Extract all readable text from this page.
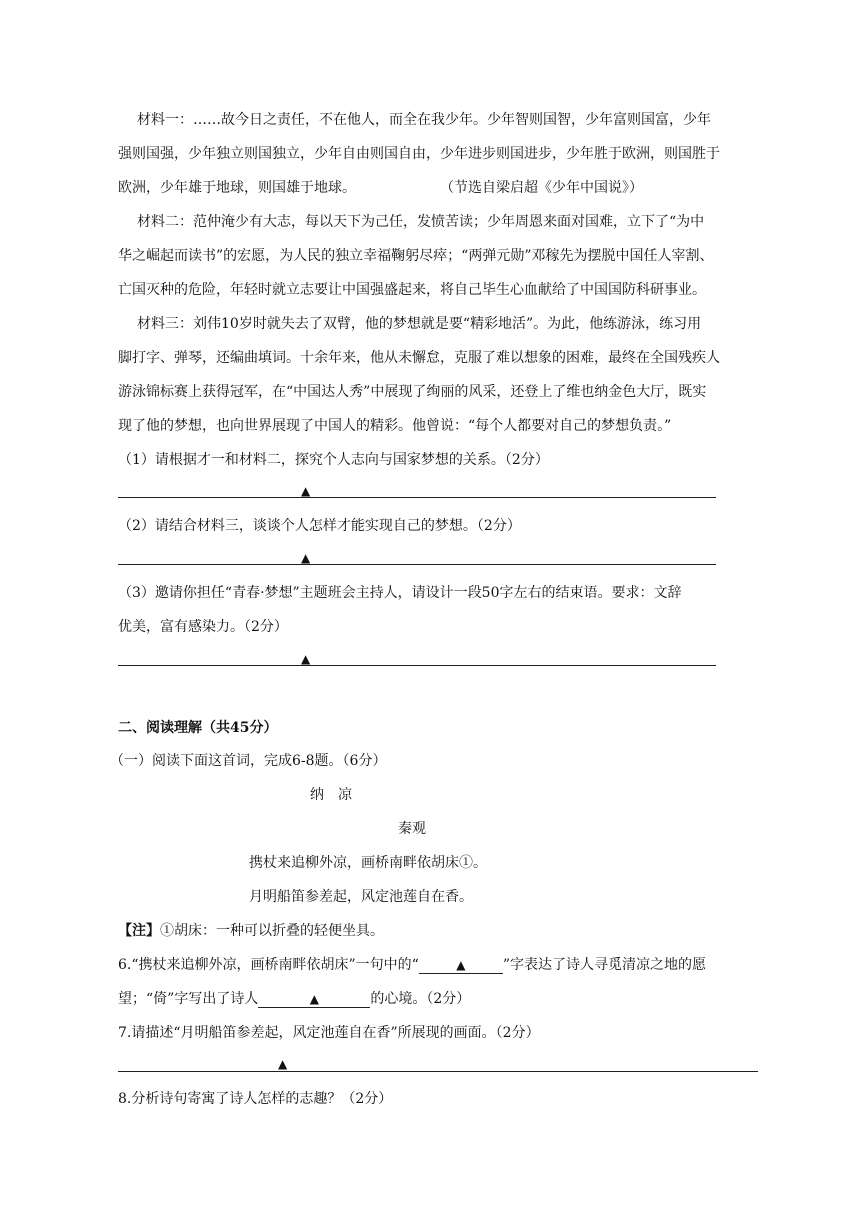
材料一：……故今日之责任，不在他人，而全在我少年。少年智则国智，少年富则国富，少年
强则国强，少年独立则国独立，少年自由则国自由，少年进步则国进步，少年胜于欧洲，则国胜于
欧洲，少年雄于地球，则国雄于地球。	（节选自梁启超《少年中国说》）
材料二：范仲淹少有大志，每以天下为己任，发愤苦读；少年周恩来面对国难，立下了“为中
华之崛起而读书”的宏愿，为人民的独立幸福鞠躬尽瘁；“两弹元勋”邓稼先为摆脱中国任人宰割、
亡国灭种的危险，年轻时就立志要让中国强盛起来，将自己毕生心血献给了中国国防科研事业。
材料三：刘伟10岁时就失去了双臂，他的梦想就是要“精彩地活”。为此，他练游泳，练习用
脚打字、弹琴，还编曲填词。十余年来，他从未懈怠，克服了难以想象的困难，最终在全国残疾人
游泳锦标赛上获得冠军，在“中国达人秀”中展现了绚丽的风采，还登上了维也纳金色大厅，既实
现了他的梦想，也向世界展现了中国人的精彩。他曾说：“每个人都要对自己的梦想负责。”
（1）请根据才一和材料二，探究个人志向与国家梦想的关系。（2分）
▲
（2）请结合材料三，谈谈个人怎样才能实现自己的梦想。（2分）
▲
（3）邀请你担任“青春·梦想”主题班会主持人，请设计一段50字左右的结束语。要求：文辞
优美，富有感染力。（2分）
▲
二、阅读理解（共45分）
（一）阅读下面这首词，完成6-8题。（6分）
纳　凉
秦观
携杖来追柳外凉，画桥南畔依胡床①。
月明船笛参差起，风定池莲自在香。
【注】①胡床：一种可以折叠的轻便坐具。
6.“携杖来追柳外凉，画桥南畔依胡床”一句中的“	▲	”字表达了诗人寻觅清凉之地的愿
望；“倚”字写出了诗人	▲	的心境。（2分）
7.请描述“月明船笛参差起，风定池莲自在香”所展现的画面。（2分）
▲
8.分析诗句寄寓了诗人怎样的志趣？（2分）
